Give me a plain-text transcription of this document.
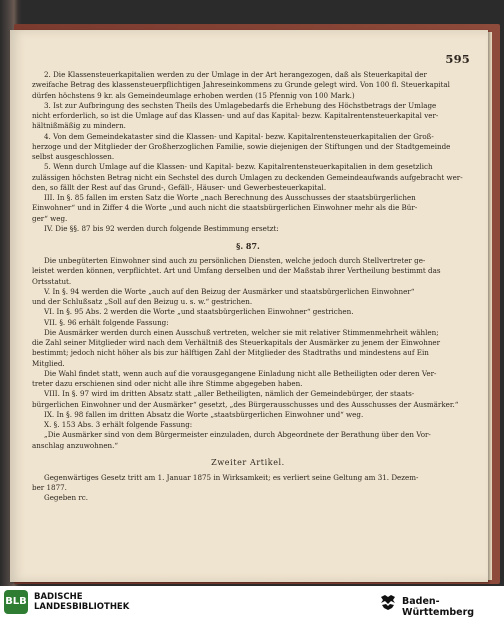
595
2. Die Klassensteuerkapitalien werden zu der Umlage in der Art herangezogen, daß als Steuerkapital der
zweifache Betrag des klassensteuerpflichtigen Jahreseinkommens zu Grunde gelegt wird. Von 100 fl. Steuerkapital
dürfen höchstens 9 kr. als Gemeindeumlage erhoben werden (15 Pfennig von 100 Mark.)
3. Ist zur Aufbringung des sechsten Theils des Umlagebedarfs die Erhebung des Höchstbetrags der Umlage
nicht erforderlich, so ist die Umlage auf das Klassen- und auf das Kapital- bezw. Kapitalrentensteuerkapital ver-
hältnißmäßig zu mindern.
4. Von dem Gemeindekataster sind die Klassen- und Kapital- bezw. Kapitalrentensteuerkapitalien der Groß-
herzoge und der Mitglieder der Großherzoglichen Familie, sowie diejenigen der Stiftungen und der Stadtgemeinde
selbst ausgeschlossen.
5. Wenn durch Umlage auf die Klassen- und Kapital- bezw. Kapitalrentensteuerkapitalien in dem gesetzlich
zulässigen höchsten Betrag nicht ein Sechstel des durch Umlagen zu deckenden Gemeindeaufwands aufgebracht wer-
den, so fällt der Rest auf das Grund-, Gefäll-, Häuser- und Gewerbesteuerkapital.
III. In §. 85 fallen im ersten Satz die Worte „nach Berechnung des Ausschusses der staatsbürgerlichen
Einwohner“ und in Ziffer 4 die Worte „und auch nicht die staatsbürgerlichen Einwohner mehr als die Bür-
ger“ weg.
IV. Die §§. 87 bis 92 werden durch folgende Bestimmung ersetzt:
§. 87.
Die unbegüterten Einwohner sind auch zu persönlichen Diensten, welche jedoch durch Stellvertreter ge-
leistet werden können, verpflichtet. Art und Umfang derselben und der Maßstab ihrer Vertheilung bestimmt das
Ortsstatut.
V. In §. 94 werden die Worte „auch auf den Beizug der Ausmärker und staatsbürgerlichen Einwohner“
und der Schlußsatz „Soll auf den Beizug u. s. w.“ gestrichen.
VI. In §. 95 Abs. 2 werden die Worte „und staatsbürgerlichen Einwohner“ gestrichen.
VII. §. 96 erhält folgende Fassung:
Die Ausmärker werden durch einen Ausschuß vertreten, welcher sie mit relativer Stimmenmehrheit wählen;
die Zahl seiner Mitglieder wird nach dem Verhältniß des Steuerkapitals der Ausmärker zu jenem der Einwohner
bestimmt; jedoch nicht höher als bis zur hälftigen Zahl der Mitglieder des Stadtraths und mindestens auf Ein
Mitglied.
Die Wahl findet statt, wenn auch auf die vorausgegangene Einladung nicht alle Betheiligten oder deren Ver-
treter dazu erschienen sind oder nicht alle ihre Stimme abgegeben haben.
VIII. In §. 97 wird im dritten Absatz statt „aller Betheiligten, nämlich der Gemeindebürger, der staats-
bürgerlichen Einwohner und der Ausmärker“ gesetzt, „des Bürgerausschusses und des Ausschusses der Ausmärker.“
IX. In §. 98 fallen im dritten Absatz die Worte „staatsbürgerlichen Einwohner und“ weg.
X. §. 153 Abs. 3 erhält folgende Fassung:
„Die Ausmärker sind von dem Bürgermeister einzuladen, durch Abgeordnete der Berathung über den Vor-
anschlag anzuwohnen.“
Zweiter Artikel.
Gegenwärtiges Gesetz tritt am 1. Januar 1875 in Wirksamkeit; es verliert seine Geltung am 31. Dezem-
ber 1877.
Gegeben rc.
BLB BADISCHE
LANDESBIBLIOTHEK	Baden-Württemberg
